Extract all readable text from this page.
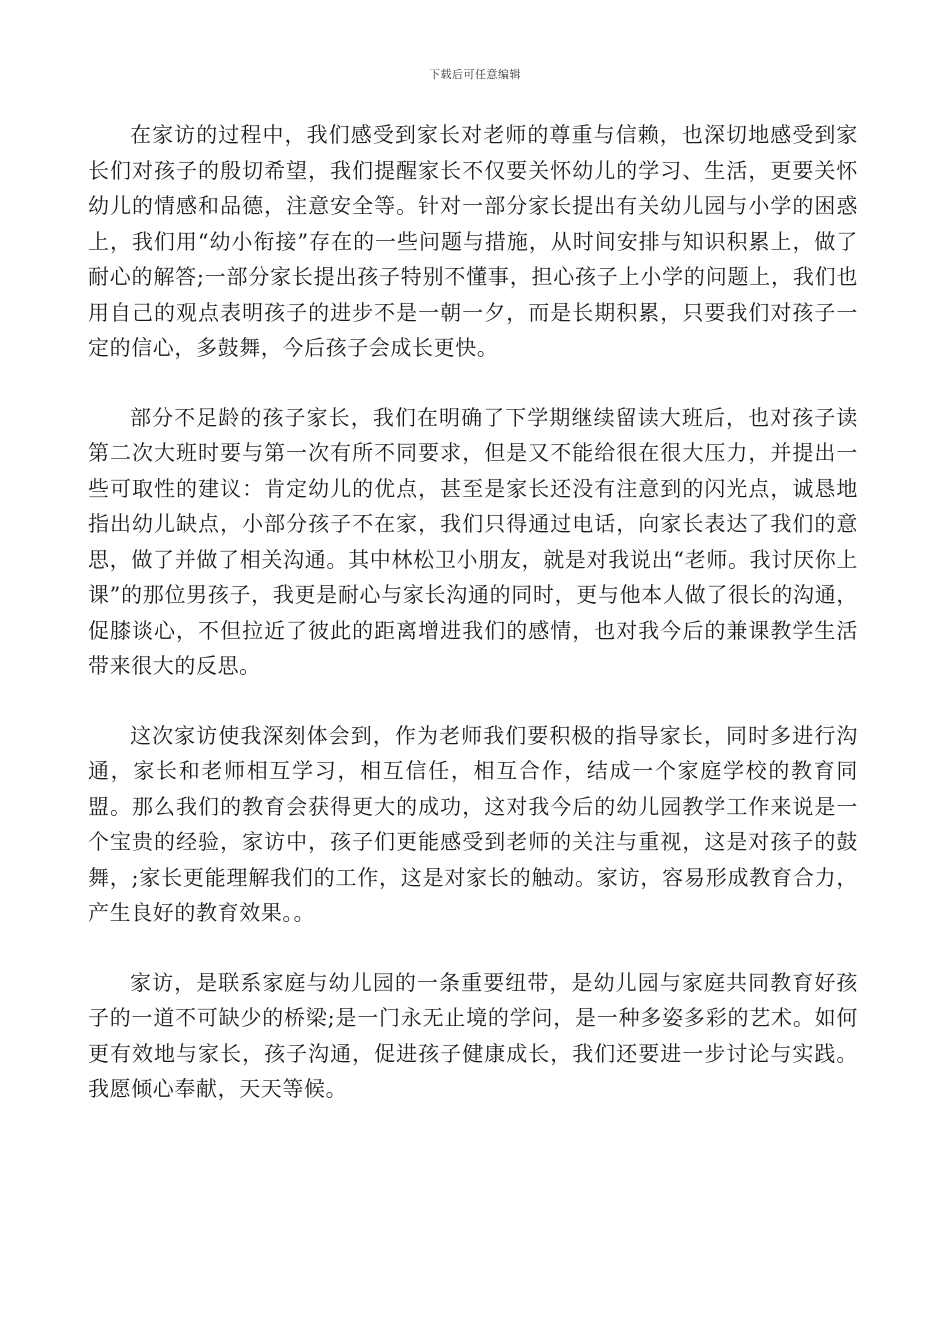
下载后可任意编辑

在家访的过程中，我们感受到家长对老师的尊重与信赖，也深切地感受到家长们对孩子的殷切希望，我们提醒家长不仅要关怀幼儿的学习、生活，更要关怀幼儿的情感和品德，注意安全等。针对一部分家长提出有关幼儿园与小学的困惑上，我们用“幼小衔接”存在的一些问题与措施，从时间安排与知识积累上，做了耐心的解答;一部分家长提出孩子特别不懂事，担心孩子上小学的问题上，我们也用自己的观点表明孩子的进步不是一朝一夕，而是长期积累，只要我们对孩子一定的信心，多鼓舞，今后孩子会成长更快。

部分不足龄的孩子家长，我们在明确了下学期继续留读大班后，也对孩子读第二次大班时要与第一次有所不同要求，但是又不能给很在很大压力，并提出一些可取性的建议：肯定幼儿的优点，甚至是家长还没有注意到的闪光点，诚恳地指出幼儿缺点，小部分孩子不在家，我们只得通过电话，向家长表达了我们的意思，做了并做了相关沟通。其中林松卫小朋友，就是对我说出“老师。我讨厌你上课”的那位男孩子，我更是耐心与家长沟通的同时，更与他本人做了很长的沟通，促膝谈心，不但拉近了彼此的距离增进我们的感情，也对我今后的兼课教学生活带来很大的反思。

这次家访使我深刻体会到，作为老师我们要积极的指导家长，同时多进行沟通，家长和老师相互学习，相互信任，相互合作，结成一个家庭学校的教育同盟。那么我们的教育会获得更大的成功，这对我今后的幼儿园教学工作来说是一个宝贵的经验，家访中，孩子们更能感受到老师的关注与重视，这是对孩子的鼓舞，;家长更能理解我们的工作，这是对家长的触动。家访，容易形成教育合力，产生良好的教育效果。。

家访，是联系家庭与幼儿园的一条重要纽带，是幼儿园与家庭共同教育好孩子的一道不可缺少的桥梁;是一门永无止境的学问，是一种多姿多彩的艺术。如何更有效地与家长，孩子沟通，促进孩子健康成长，我们还要进一步讨论与实践。我愿倾心奉献，天天等候。
